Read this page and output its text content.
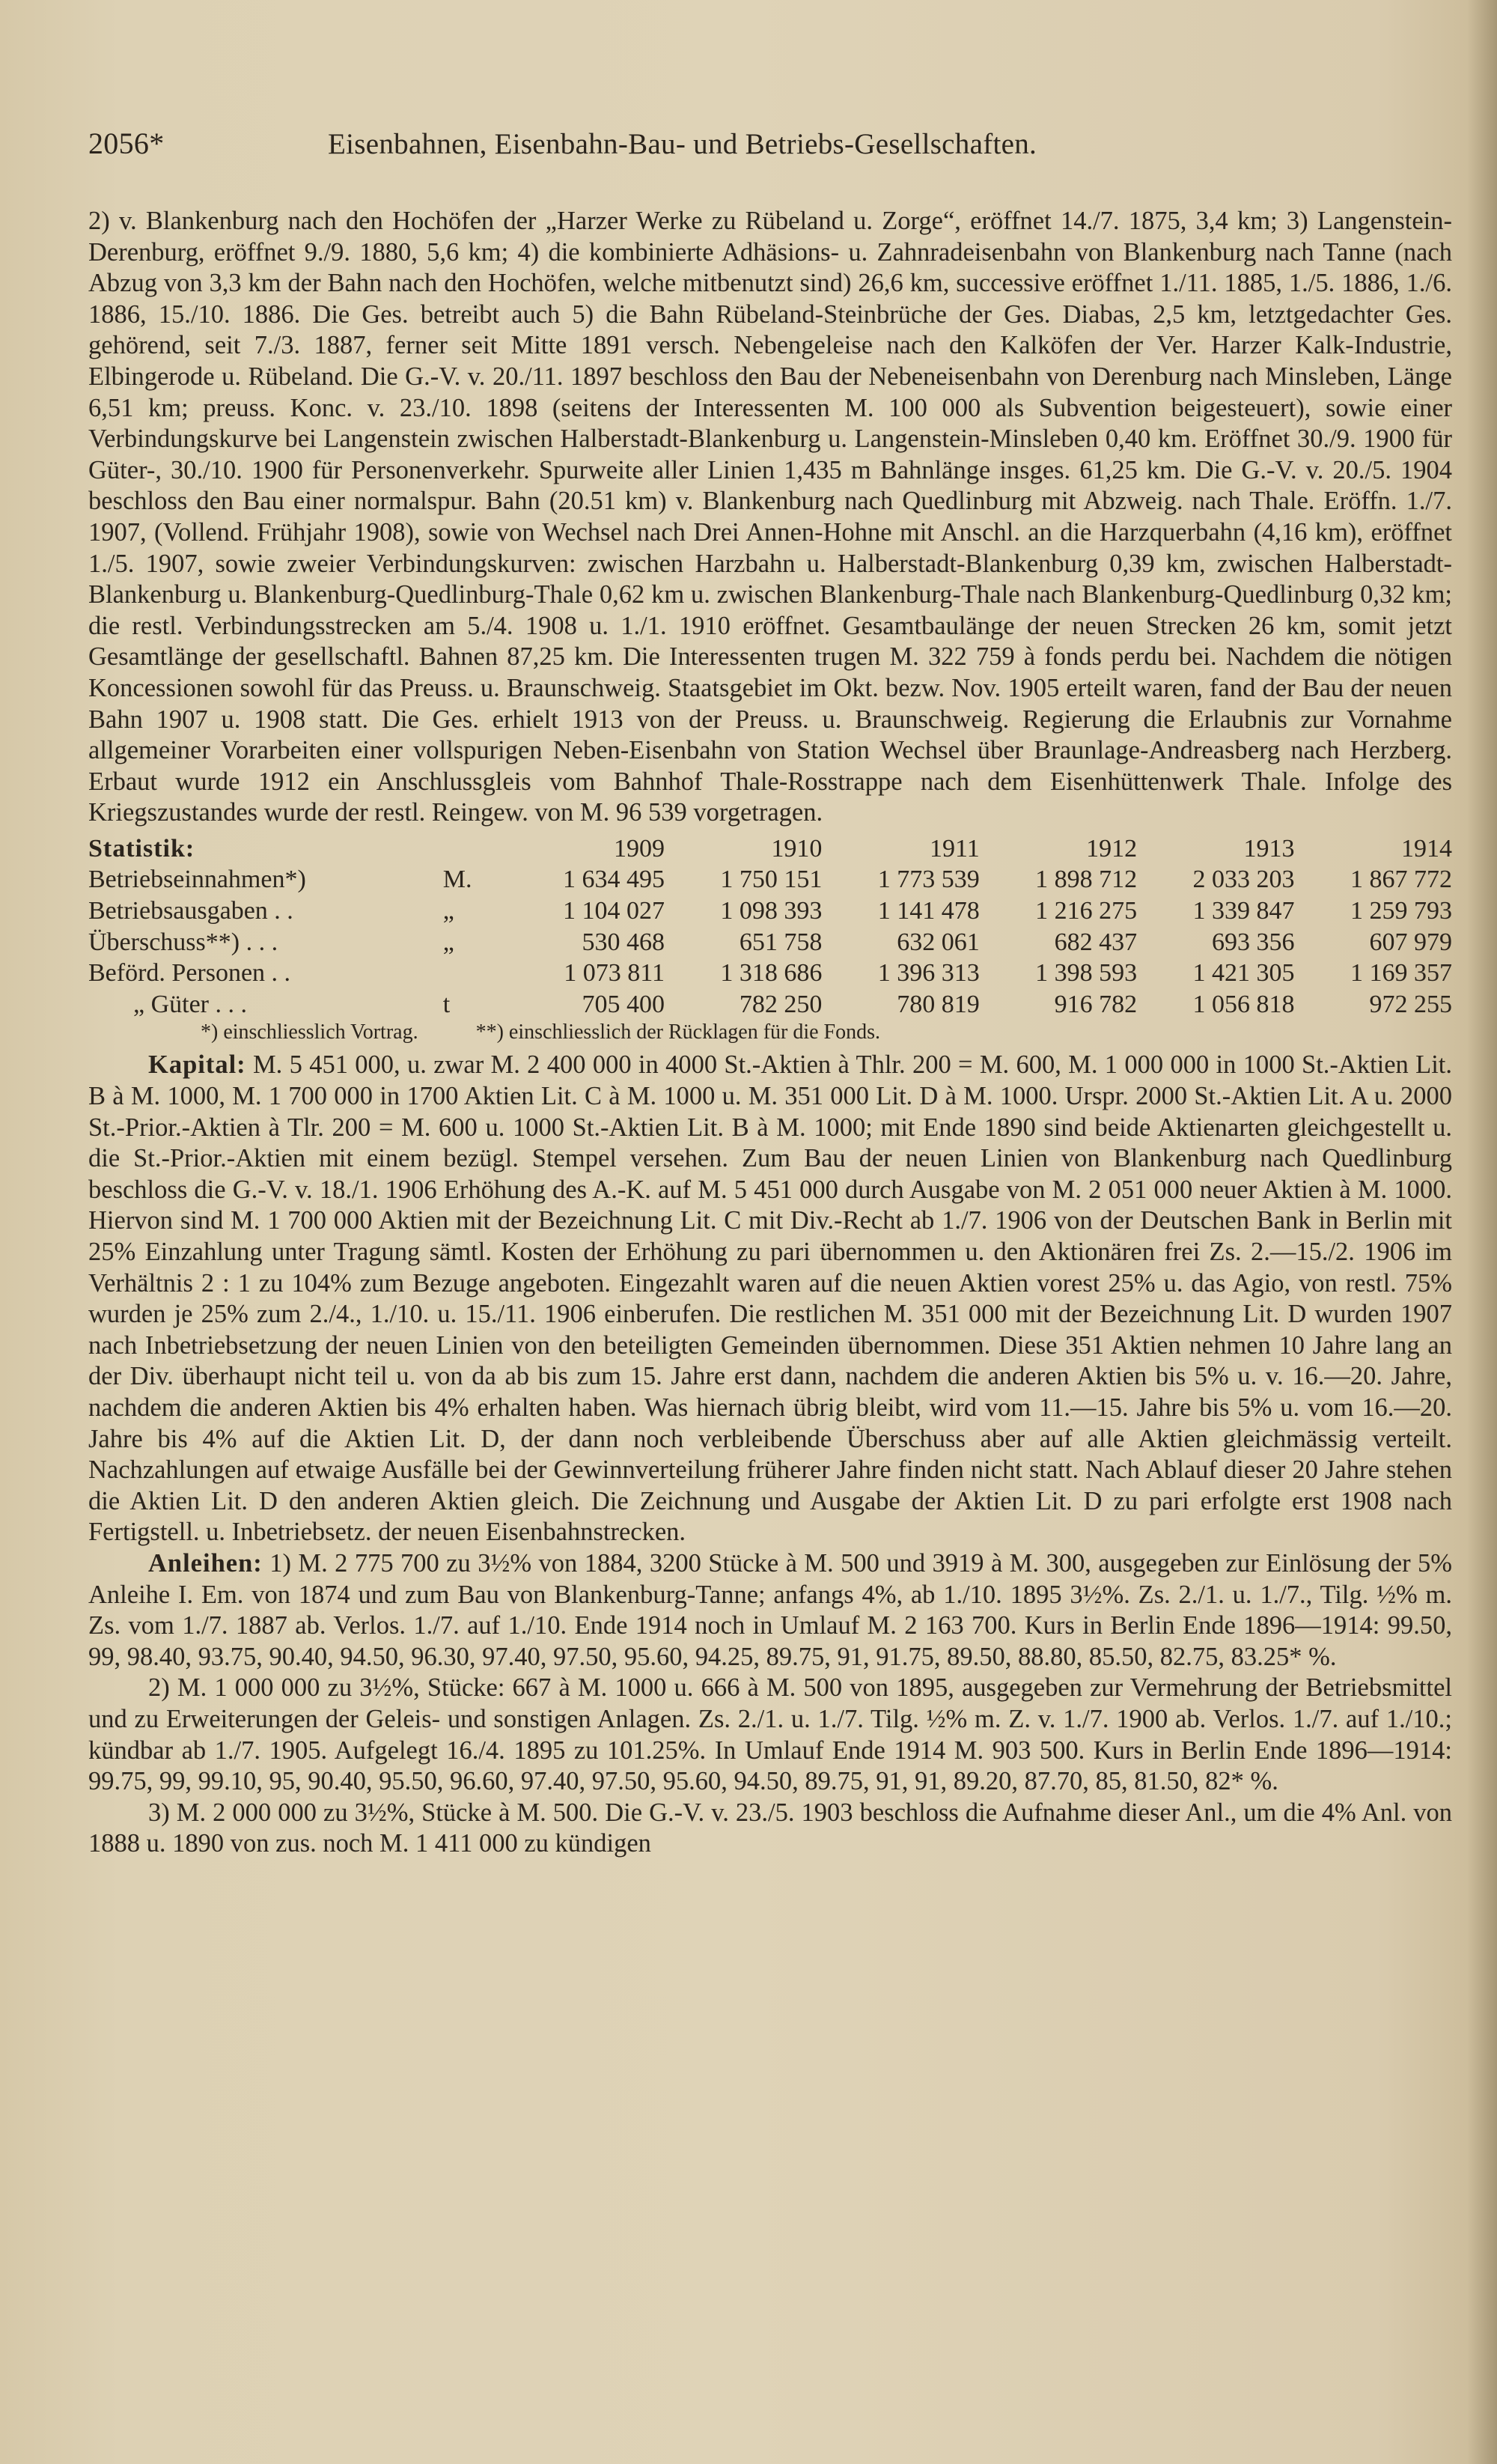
2056*	Eisenbahnen, Eisenbahn-Bau- und Betriebs-Gesellschaften.

2) v. Blankenburg nach den Hochöfen der „Harzer Werke zu Rübeland u. Zorge“, eröffnet 14./7. 1875, 3,4 km; 3) Langenstein-Derenburg, eröffnet 9./9. 1880, 5,6 km; 4) die kombinierte Adhäsions- u. Zahnradeisenbahn von Blankenburg nach Tanne (nach Abzug von 3,3 km der Bahn nach den Hochöfen, welche mitbenutzt sind) 26,6 km, successive eröffnet 1./11. 1885, 1./5. 1886, 1./6. 1886, 15./10. 1886. Die Ges. betreibt auch 5) die Bahn Rübeland-Steinbrüche der Ges. Diabas, 2,5 km, letztgedachter Ges. gehörend, seit 7./3. 1887, ferner seit Mitte 1891 versch. Nebengeleise nach den Kalköfen der Ver. Harzer Kalk-Industrie, Elbingerode u. Rübeland. Die G.-V. v. 20./11. 1897 beschloss den Bau der Nebeneisenbahn von Derenburg nach Minsleben, Länge 6,51 km; preuss. Konc. v. 23./10. 1898 (seitens der Interessenten M. 100 000 als Subvention beigesteuert), sowie einer Verbindungskurve bei Langenstein zwischen Halberstadt-Blankenburg u. Langenstein-Minsleben 0,40 km. Eröffnet 30./9. 1900 für Güter-, 30./10. 1900 für Personenverkehr. Spurweite aller Linien 1,435 m Bahnlänge insges. 61,25 km. Die G.-V. v. 20./5. 1904 beschloss den Bau einer normalspur. Bahn (20.51 km) v. Blankenburg nach Quedlinburg mit Abzweig. nach Thale. Eröffn. 1./7. 1907, (Vollend. Frühjahr 1908), sowie von Wechsel nach Drei Annen-Hohne mit Anschl. an die Harzquerbahn (4,16 km), eröffnet 1./5. 1907, sowie zweier Verbindungskurven: zwischen Harzbahn u. Halberstadt-Blankenburg 0,39 km, zwischen Halberstadt-Blankenburg u. Blankenburg-Quedlinburg-Thale 0,62 km u. zwischen Blankenburg-Thale nach Blankenburg-Quedlinburg 0,32 km; die restl. Verbindungsstrecken am 5./4. 1908 u. 1./1. 1910 eröffnet. Gesamtbaulänge der neuen Strecken 26 km, somit jetzt Gesamtlänge der gesellschaftl. Bahnen 87,25 km. Die Interessenten trugen M. 322 759 à fonds perdu bei. Nachdem die nötigen Koncessionen sowohl für das Preuss. u. Braunschweig. Staatsgebiet im Okt. bezw. Nov. 1905 erteilt waren, fand der Bau der neuen Bahn 1907 u. 1908 statt. Die Ges. erhielt 1913 von der Preuss. u. Braunschweig. Regierung die Erlaubnis zur Vornahme allgemeiner Vorarbeiten einer vollspurigen Neben-Eisenbahn von Station Wechsel über Braunlage-Andreasberg nach Herzberg. Erbaut wurde 1912 ein Anschlussgleis vom Bahnhof Thale-Rosstrappe nach dem Eisenhüttenwerk Thale. Infolge des Kriegszustandes wurde der restl. Reingew. von M. 96 539 vorgetragen.

Statistik:		1909	1910	1911	1912	1913	1914
Betriebseinnahmen*)	M.	1 634 495	1 750 151	1 773 539	1 898 712	2 033 203	1 867 772
Betriebsausgaben . .	„	1 104 027	1 098 393	1 141 478	1 216 275	1 339 847	1 259 793
Überschuss**) . . .	„	530 468	651 758	632 061	682 437	693 356	607 979
Beförd. Personen . .		1 073 811	1 318 686	1 396 313	1 398 593	1 421 305	1 169 357
„ Güter . . .	t	705 400	782 250	780 819	916 782	1 056 818	972 255
*) einschliesslich Vortrag.	**) einschliesslich der Rücklagen für die Fonds.

Kapital: M. 5 451 000, u. zwar M. 2 400 000 in 4000 St.-Aktien à Thlr. 200 = M. 600, M. 1 000 000 in 1000 St.-Aktien Lit. B à M. 1000, M. 1 700 000 in 1700 Aktien Lit. C à M. 1000 u. M. 351 000 Lit. D à M. 1000. Urspr. 2000 St.-Aktien Lit. A u. 2000 St.-Prior.-Aktien à Tlr. 200 = M. 600 u. 1000 St.-Aktien Lit. B à M. 1000; mit Ende 1890 sind beide Aktienarten gleichgestellt u. die St.-Prior.-Aktien mit einem bezügl. Stempel versehen. Zum Bau der neuen Linien von Blankenburg nach Quedlinburg beschloss die G.-V. v. 18./1. 1906 Erhöhung des A.-K. auf M. 5 451 000 durch Ausgabe von M. 2 051 000 neuer Aktien à M. 1000. Hiervon sind M. 1 700 000 Aktien mit der Bezeichnung Lit. C mit Div.-Recht ab 1./7. 1906 von der Deutschen Bank in Berlin mit 25% Einzahlung unter Tragung sämtl. Kosten der Erhöhung zu pari übernommen u. den Aktionären frei Zs. 2.—15./2. 1906 im Verhältnis 2 : 1 zu 104% zum Bezuge angeboten. Eingezahlt waren auf die neuen Aktien vorest 25% u. das Agio, von restl. 75% wurden je 25% zum 2./4., 1./10. u. 15./11. 1906 einberufen. Die restlichen M. 351 000 mit der Bezeichnung Lit. D wurden 1907 nach Inbetriebsetzung der neuen Linien von den beteiligten Gemeinden übernommen. Diese 351 Aktien nehmen 10 Jahre lang an der Div. überhaupt nicht teil u. von da ab bis zum 15. Jahre erst dann, nachdem die anderen Aktien bis 5% u. v. 16.—20. Jahre, nachdem die anderen Aktien bis 4% erhalten haben. Was hiernach übrig bleibt, wird vom 11.—15. Jahre bis 5% u. vom 16.—20. Jahre bis 4% auf die Aktien Lit. D, der dann noch verbleibende Überschuss aber auf alle Aktien gleichmässig verteilt. Nachzahlungen auf etwaige Ausfälle bei der Gewinnverteilung früherer Jahre finden nicht statt. Nach Ablauf dieser 20 Jahre stehen die Aktien Lit. D den anderen Aktien gleich. Die Zeichnung und Ausgabe der Aktien Lit. D zu pari erfolgte erst 1908 nach Fertigstell. u. Inbetriebsetz. der neuen Eisenbahnstrecken.

Anleihen: 1) M. 2 775 700 zu 3½% von 1884, 3200 Stücke à M. 500 und 3919 à M. 300, ausgegeben zur Einlösung der 5% Anleihe I. Em. von 1874 und zum Bau von Blankenburg-Tanne; anfangs 4%, ab 1./10. 1895 3½%. Zs. 2./1. u. 1./7., Tilg. ½% m. Zs. vom 1./7. 1887 ab. Verlos. 1./7. auf 1./10. Ende 1914 noch in Umlauf M. 2 163 700. Kurs in Berlin Ende 1896—1914: 99.50, 99, 98.40, 93.75, 90.40, 94.50, 96.30, 97.40, 97.50, 95.60, 94.25, 89.75, 91, 91.75, 89.50, 88.80, 85.50, 82.75, 83.25* %.

2) M. 1 000 000 zu 3½%, Stücke: 667 à M. 1000 u. 666 à M. 500 von 1895, ausgegeben zur Vermehrung der Betriebsmittel und zu Erweiterungen der Geleis- und sonstigen Anlagen. Zs. 2./1. u. 1./7. Tilg. ½% m. Z. v. 1./7. 1900 ab. Verlos. 1./7. auf 1./10.; kündbar ab 1./7. 1905. Aufgelegt 16./4. 1895 zu 101.25%. In Umlauf Ende 1914 M. 903 500. Kurs in Berlin Ende 1896—1914: 99.75, 99, 99.10, 95, 90.40, 95.50, 96.60, 97.40, 97.50, 95.60, 94.50, 89.75, 91, 91, 89.20, 87.70, 85, 81.50, 82* %.

3) M. 2 000 000 zu 3½%, Stücke à M. 500. Die G.-V. v. 23./5. 1903 beschloss die Aufnahme dieser Anl., um die 4% Anl. von 1888 u. 1890 von zus. noch M. 1 411 000 zu kündigen
